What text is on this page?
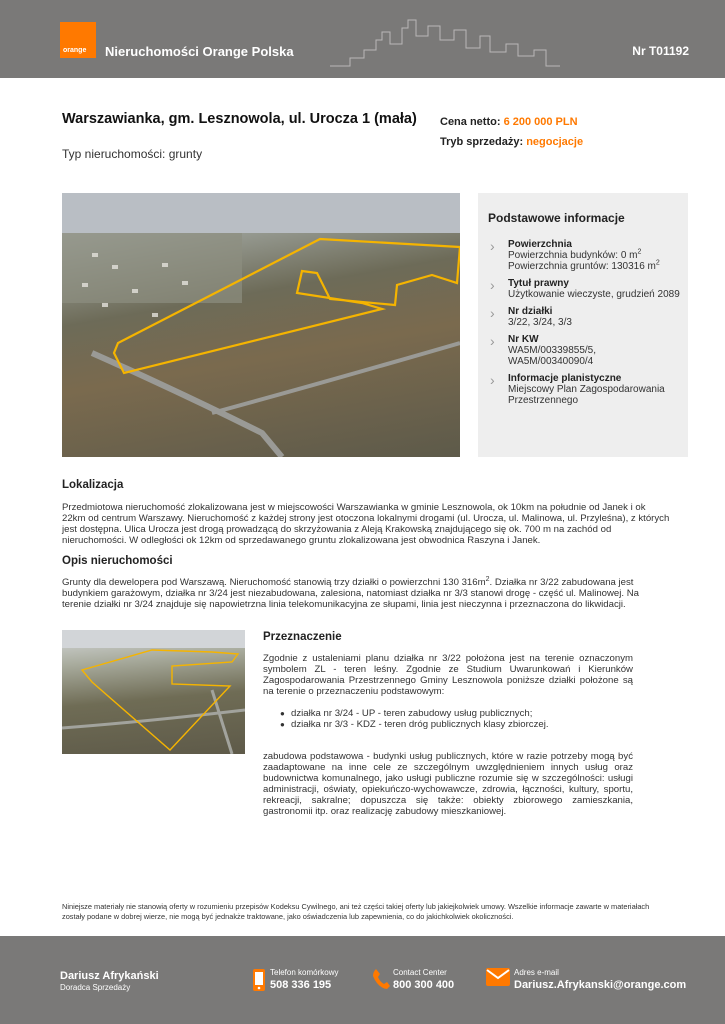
orange Nieruchomości Orange Polska	Nr T01192
Warszawianka, gm. Lesznowola, ul. Urocza 1 (mała)
Typ nieruchomości: grunty
Cena netto: 6 200 000 PLN
Tryb sprzedaży: negocjacje
Podstawowe informacje
› Powierzchnia
Powierzchnia budynków: 0 $m^2$
Powierzchnia gruntów: 130316 $m^2$
› Tytuł prawny
Użytkowanie wieczyste, grudzień 2089
› Nr działki
3/22, 3/24, 3/3
› Nr KW
WA5M/00339855/5, WA5M/00340090/4
› Informacje planistyczne
Miejscowy Plan Zagospodarowania Przestrzennego
Lokalizacja
Przedmiotowa nieruchomość zlokalizowana jest w miejscowości Warszawianka w gminie Lesznowola, ok 10km na południe od Janek i ok 22km od centrum Warszawy. Nieruchomość z każdej strony jest otoczona lokalnymi drogami (ul. Urocza, ul. Malinowa, ul. Przyleśna), z których jest dostępna. Ulica Urocza jest drogą prowadzącą do skrzyżowania z Aleją Krakowską znajdującego się ok. 700 m na zachód od nieruchomości. W odległości ok 12km od sprzedawanego gruntu zlokalizowana jest obwodnica Raszyna i Janek.
Opis nieruchomości
Grunty dla dewelopera pod Warszawą. Nieruchomość stanowią trzy działki o powierzchni 130 $316m^2$. Działka nr 3/22 zabudowana jest budynkiem garażowym, działka nr 3/24 jest niezabudowana, zalesiona, natomiast działka nr 3/3 stanowi drogę - część ul. Malinowej. Na terenie działki nr 3/24 znajduje się napowietrzna linia telekomunikacyjna ze słupami, linia jest nieczynna i przeznaczona do likwidacji.
Przeznaczenie
Zgodnie z ustaleniami planu działka nr 3/22 położona jest na terenie oznaczonym symbolem ZL - teren leśny. Zgodnie ze Studium Uwarunkowań i Kierunków Zagospodarowania Przestrzennego Gminy Lesznowola poniższe działki położone są na terenie o przeznaczeniu podstawowym:
● działka nr 3/24 - UP - teren zabudowy usług publicznych;
● działka nr 3/3 - KDZ - teren dróg publicznych klasy zbiorczej.
zabudowa podstawowa - budynki usług publicznych, które w razie potrzeby mogą być zaadaptowane na inne cele ze szczególnym uwzględnieniem innych usług oraz budownictwa komunalnego, jako usługi publiczne rozumie się w szczególności: usługi administracji, oświaty, opiekuńczo-wychowawcze, zdrowia, łączności, kultury, sportu, rekreacji, sakralne; dopuszcza się także: obiekty zbiorowego zamieszkania, gastronomii itp. oraz realizację zabudowy mieszkaniowej.
Niniejsze materiały nie stanowią oferty w rozumieniu przepisów Kodeksu Cywilnego, ani też części takiej oferty lub jakiejkolwiek umowy. Wszelkie informacje zawarte w materiałach zostały podane w dobrej wierze, nie mogą być jednakże traktowane, jako oświadczenia lub zapewnienia, co do jakichkolwiek okoliczności.
Dariusz Afrykański
Doradca Sprzedaży
Telefon komórkowy
508 336 195
Contact Center
800 300 400
Adres e-mail
Dariusz.Afrykanski@orange.com
